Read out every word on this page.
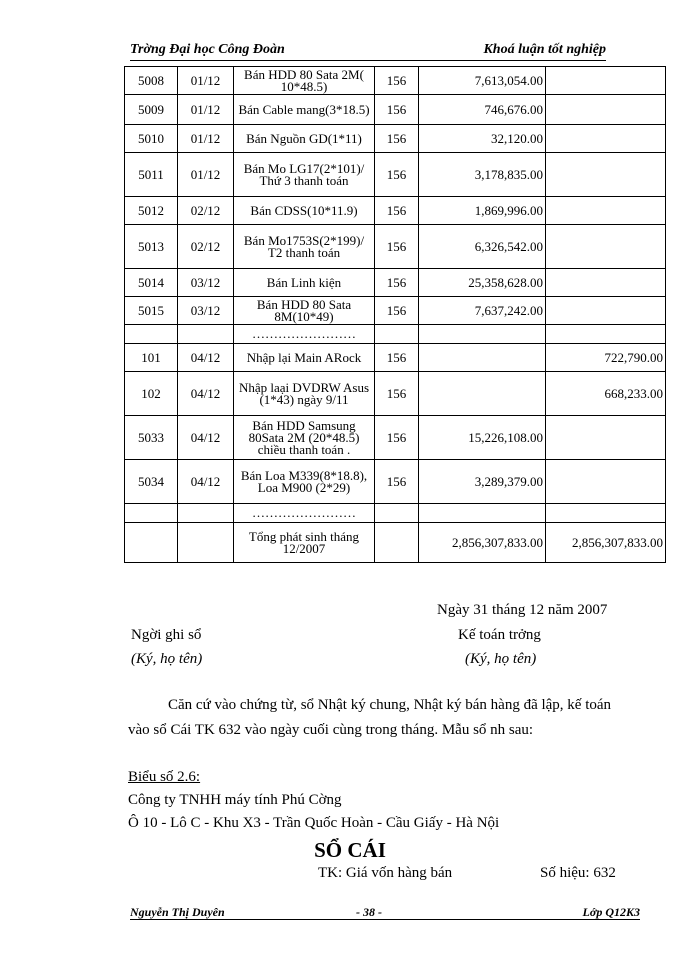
Trờng Đại học Công Đoàn	Khoá luận tốt nghiệp
5008	01/12	Bán HDD 80 Sata 2M( 10*48.5)	156	7,613,054.00	
5009	01/12	Bán Cable mang(3*18.5)	156	746,676.00	
5010	01/12	Bán Nguồn GD(1*11)	156	32,120.00	
5011	01/12	Bán Mo LG17(2*101)/ Thứ 3 thanh toán	156	3,178,835.00	
5012	02/12	Bán CDSS(10*11.9)	156	1,869,996.00	
5013	02/12	Bán Mo1753S(2*199)/ T2 thanh toán	156	6,326,542.00	
5014	03/12	Bán Linh kiện	156	25,358,628.00	
5015	03/12	Bán HDD 80 Sata 8M(10*49)	156	7,637,242.00	
		……………………			
101	04/12	Nhập lại Main ARock	156		722,790.00
102	04/12	Nhập laại DVDRW Asus (1*43) ngày 9/11	156		668,233.00
5033	04/12	Bán HDD Samsung 80Sata 2M (20*48.5) chiều thanh toán .	156	15,226,108.00	
5034	04/12	Bán Loa M339(8*18.8), Loa M900 (2*29)	156	3,289,379.00	
		……………………			
		Tổng phát sinh tháng 12/2007		2,856,307,833.00	2,856,307,833.00
Ngày 31 tháng 12 năm 2007
Ngời ghi sổ
(Ký, họ tên)
Kế toán trởng
(Ký, họ tên)
Căn cứ vào chứng từ, sổ Nhật ký chung, Nhật ký bán hàng đã lập, kế toán vào sổ Cái TK 632 vào ngày cuối cùng trong tháng. Mẫu sổ nh sau:
Biểu số 2.6:
Công ty TNHH máy tính Phú Cờng
Ô 10 - Lô C - Khu X3 - Trần Quốc Hoàn - Cầu Giấy - Hà Nội
SỔ CÁI
TK: Giá vốn hàng bán	Số hiệu: 632
Nguyễn Thị Duyên	- 38 -	Lớp Q12K3
